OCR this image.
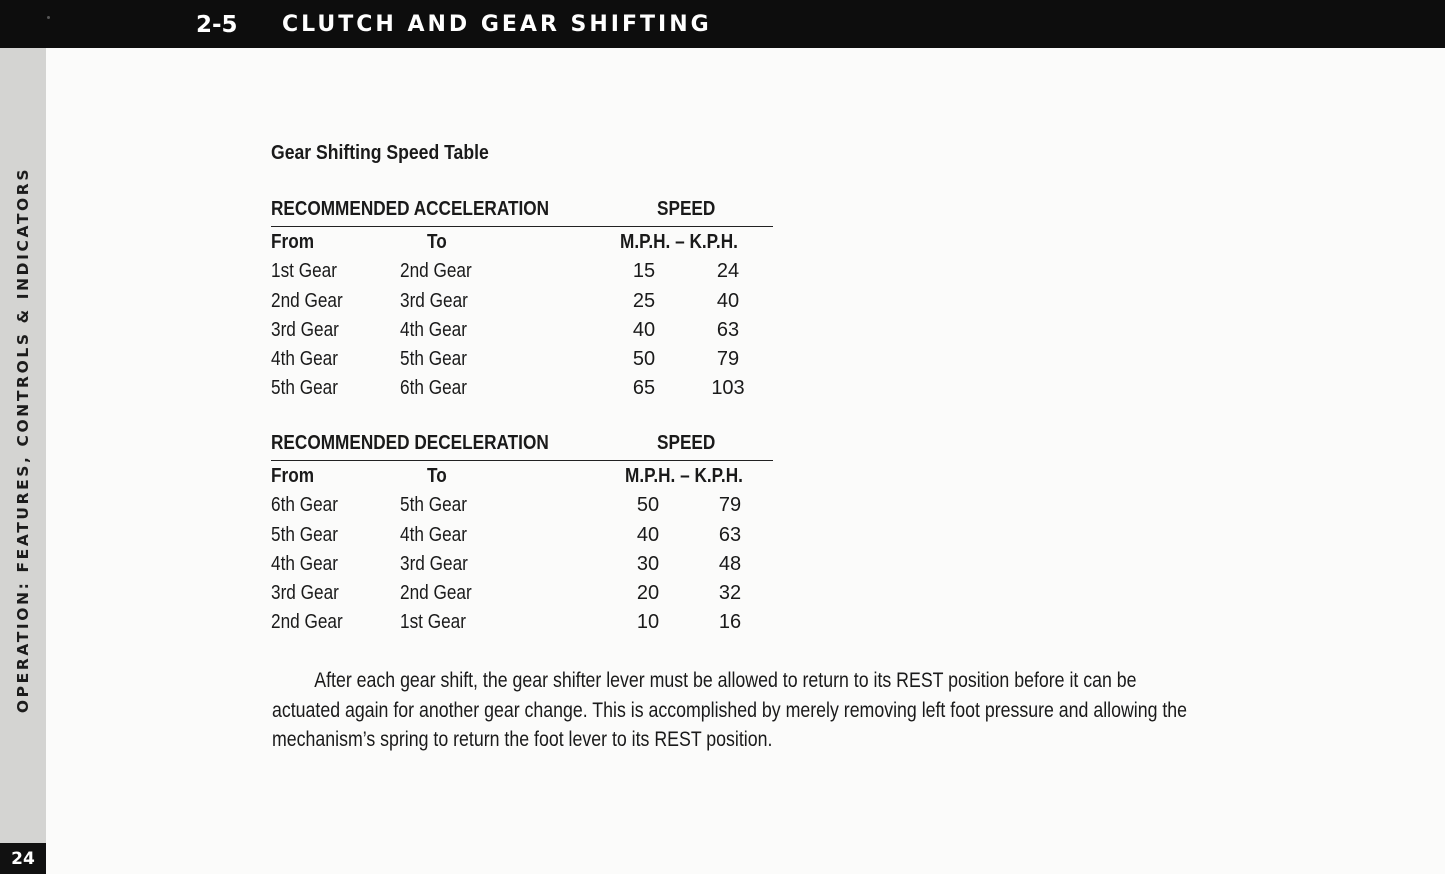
2-5 CLUTCH AND GEAR SHIFTING
OPERATION: FEATURES, CONTROLS & INDICATORS
24
Gear Shifting Speed Table
RECOMMENDED ACCELERATION	SPEED
From	To	M.P.H. – K.P.H.
1st Gear	2nd Gear	15	24
2nd Gear	3rd Gear	25	40
3rd Gear	4th Gear	40	63
4th Gear	5th Gear	50	79
5th Gear	6th Gear	65	103
RECOMMENDED DECELERATION	SPEED
From	To	M.P.H. – K.P.H.
6th Gear	5th Gear	50	79
5th Gear	4th Gear	40	63
4th Gear	3rd Gear	30	48
3rd Gear	2nd Gear	20	32
2nd Gear	1st Gear	10	16
After each gear shift, the gear shifter lever must be allowed to return to its REST position before it can be actuated again for another gear change. This is accomplished by merely removing left foot pressure and allowing the mechanism’s spring to return the foot lever to its REST position.
